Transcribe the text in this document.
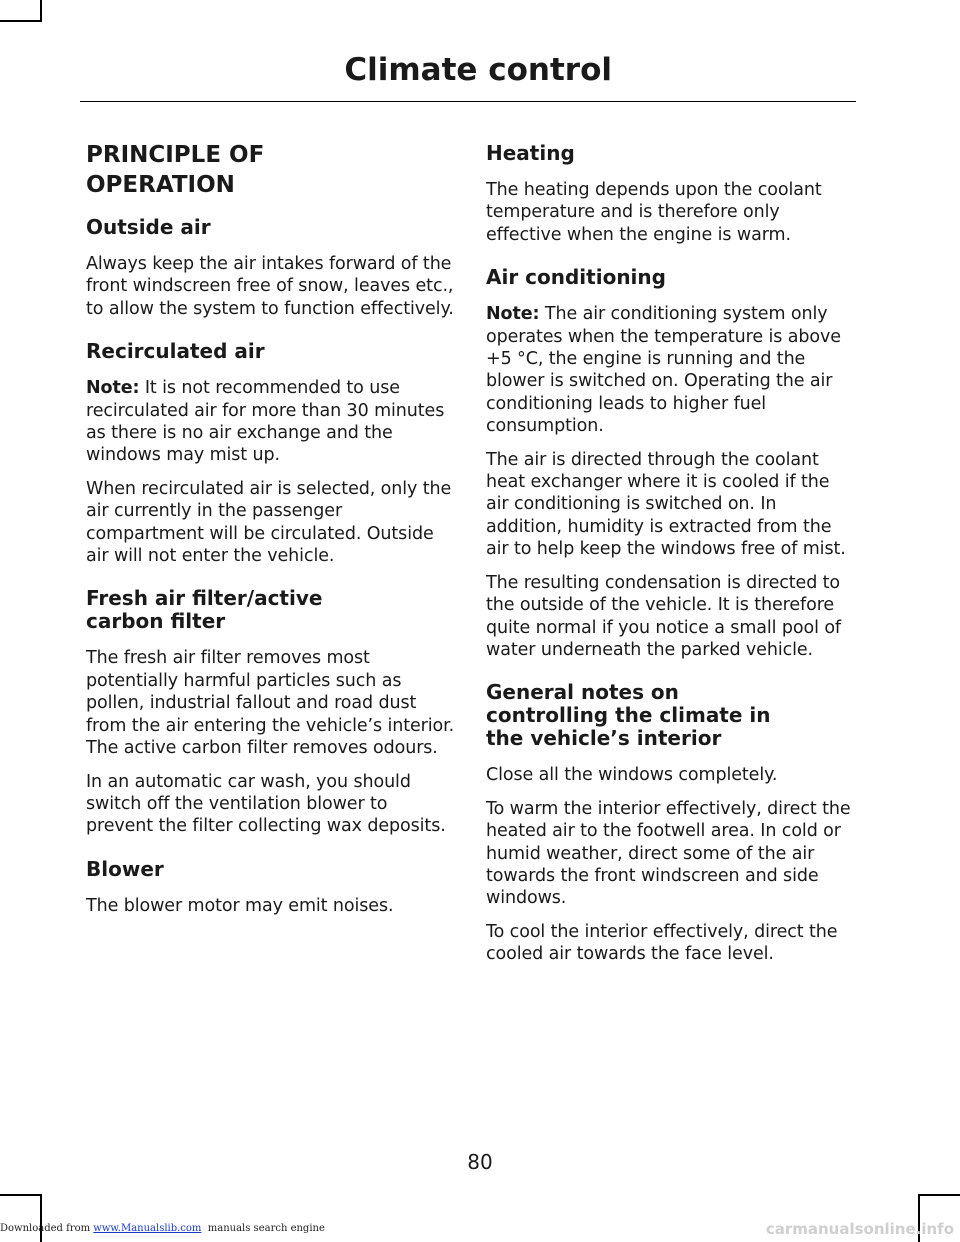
Climate control
PRINCIPLE OF
OPERATION
Outside air

Always keep the air intakes forward of the front windscreen free of snow, leaves etc., to allow the system to function effectively.

Recirculated air

Note: It is not recommended to use recirculated air for more than 30 minutes as there is no air exchange and the windows may mist up.

When recirculated air is selected, only the air currently in the passenger compartment will be circulated. Outside air will not enter the vehicle.

Fresh air filter/active
carbon filter

The fresh air filter removes most potentially harmful particles such as pollen, industrial fallout and road dust from the air entering the vehicle’s interior. The active carbon filter removes odours.

In an automatic car wash, you should switch off the ventilation blower to prevent the filter collecting wax deposits.

Blower

The blower motor may emit noises.

Heating

The heating depends upon the coolant temperature and is therefore only effective when the engine is warm.

Air conditioning

Note: The air conditioning system only operates when the temperature is above +5 °C, the engine is running and the blower is switched on. Operating the air conditioning leads to higher fuel consumption.

The air is directed through the coolant heat exchanger where it is cooled if the air conditioning is switched on. In addition, humidity is extracted from the air to help keep the windows free of mist.

The resulting condensation is directed to the outside of the vehicle. It is therefore quite normal if you notice a small pool of water underneath the parked vehicle.

General notes on
controlling the climate in
the vehicle’s interior

Close all the windows completely.

To warm the interior effectively, direct the heated air to the footwell area. In cold or humid weather, direct some of the air towards the front windscreen and side windows.

To cool the interior effectively, direct the cooled air towards the face level.

80
Downloaded from www.Manualslib.com  manuals search engine	carmanualsonline.info
